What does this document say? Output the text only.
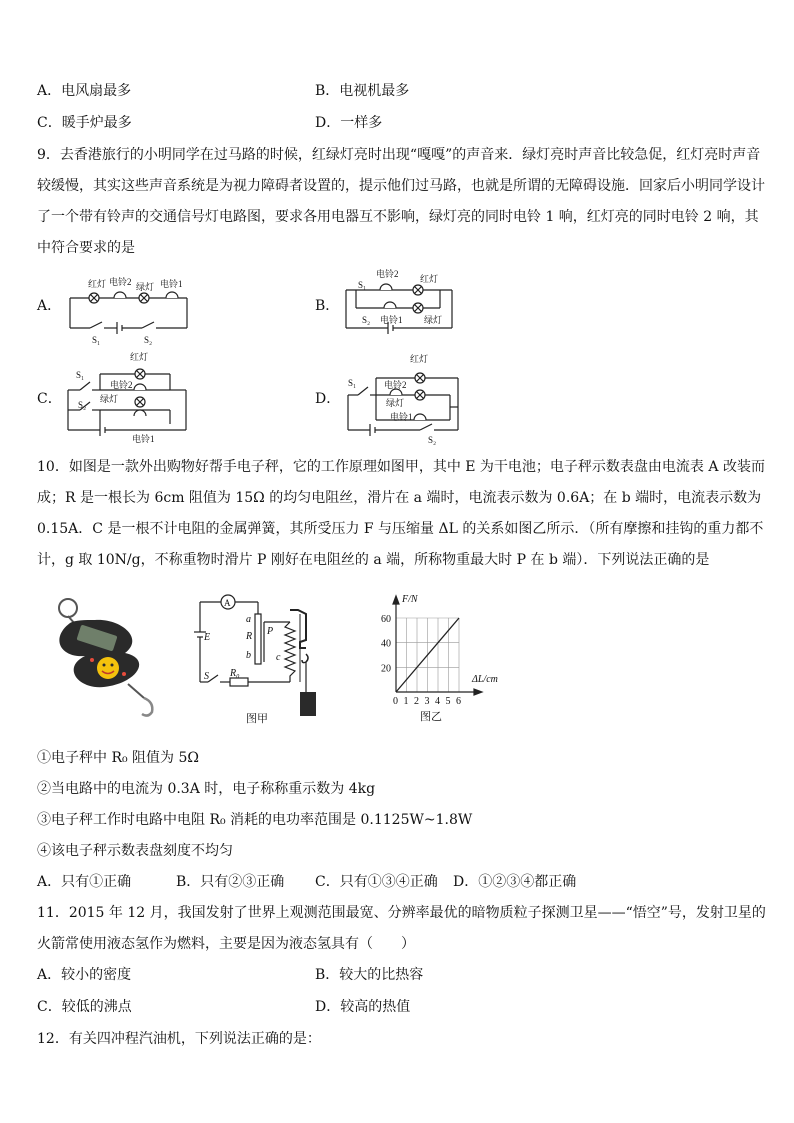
A．电风扇最多	B．电视机最多
C．暖手炉最多	D．一样多
9．去香港旅行的小明同学在过马路的时候，红绿灯亮时出现“嘎嘎”的声音来．绿灯亮时声音比较急促，红灯亮时声音较缓慢，其实这些声音系统是为视力障碍者设置的，提示他们过马路，也就是所谓的无障碍设施．回家后小明同学设计了一个带有铃声的交通信号灯电路图，要求各用电器互不影响，绿灯亮的同时电铃 1 响，红灯亮的同时电铃 2 响，其中符合要求的是
A．	B．
C．	D．
红灯 电铃2 绿灯 电铃1
S₁	S₂
电铃2 红灯
S₁
S₂ 电铃1 绿灯
红灯
S₁
电铃2
S₂
绿灯
电铃1
红灯
S₁	电铃2
绿灯
电铃1
S₂
10．如图是一款外出购物好帮手电子秤，它的工作原理如图甲，其中 E 为干电池；电子秤示数表盘由电流表 A 改装而成；R 是一根长为 6cm 阻值为 15Ω 的均匀电阻丝，滑片在 a 端时，电流表示数为 0.6A；在 b 端时，电流表示数为 0.15A．C 是一根不计电阻的金属弹簧，其所受压力 F 与压缩量 ΔL 的关系如图乙所示．（所有摩擦和挂钩的重力都不计，g 取 10N/g，不称重物时滑片 P 刚好在电阻丝的 a 端，所称物重最大时 P 在 b 端）．下列说法正确的是
A
E
a
R
b
P
c
S R₀
图甲
0 1 2 3 4 5 6
20
40
60
F/N
ΔL/cm
图乙
①电子秤中 R₀ 阻值为 5Ω
②当电路中的电流为 0.3A 时，电子称称重示数为 4kg
③电子秤工作时电路中电阻 R₀ 消耗的电功率范围是 0.1125W~1.8W
④该电子秤示数表盘刻度不均匀
A．只有①正确	B．只有②③正确 C．只有①③④正确 D．①②③④都正确
11．2015 年 12 月，我国发射了世界上观测范围最宽、分辨率最优的暗物质粒子探测卫星——“悟空”号，发射卫星的火箭常使用液态氢作为燃料，主要是因为液态氢具有（　　）
A．较小的密度	B．较大的比热容
C．较低的沸点	D．较高的热值
12．有关四冲程汽油机，下列说法正确的是：
